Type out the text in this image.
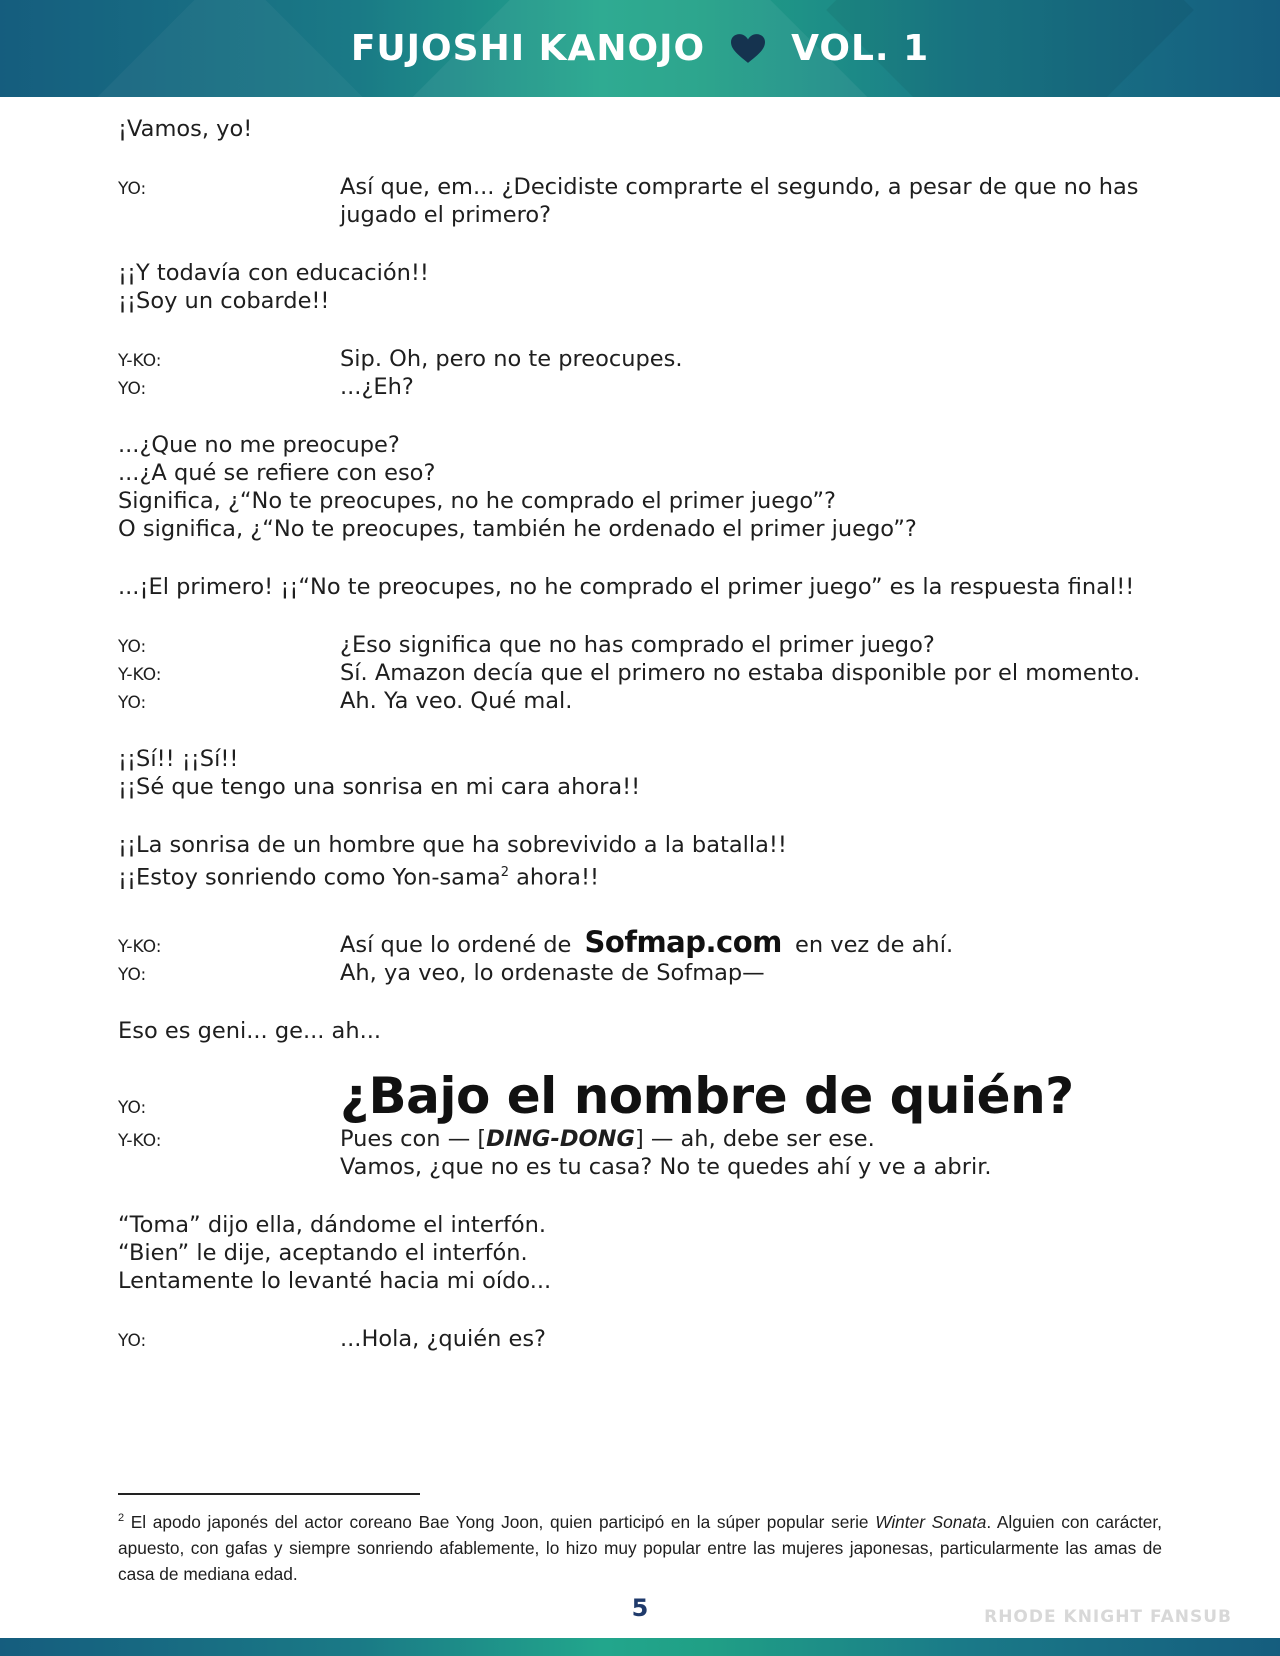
FUJOSHI KANOJO VOL. 1

¡Vamos, yo!

YO:	Así que, em... ¿Decidiste comprarte el segundo, a pesar de que no has jugado el primero?

¡¡Y todavía con educación!!

¡¡Soy un cobarde!!

Y-KO:	Sip. Oh, pero no te preocupes.
YO:	...¿Eh?

...¿Que no me preocupe?

...¿A qué se refiere con eso?

Significa, ¿“No te preocupes, no he comprado el primer juego”?

O significa, ¿“No te preocupes, también he ordenado el primer juego”?

...¡El primero! ¡¡“No te preocupes, no he comprado el primer juego” es la respuesta final!!

YO:	¿Eso significa que no has comprado el primer juego?
Y-KO:	Sí. Amazon decía que el primero no estaba disponible por el momento.
YO:	Ah. Ya veo. Qué mal.

¡¡Sí!! ¡¡Sí!!

¡¡Sé que tengo una sonrisa en mi cara ahora!!

¡¡La sonrisa de un hombre que ha sobrevivido a la batalla!!

¡¡Estoy sonriendo como Yon-sama$^2$ ahora!!

Y-KO:	Así que lo ordené de Sofmap.com en vez de ahí.
YO:	Ah, ya veo, lo ordenaste de Sofmap—

Eso es geni... ge... ah...

YO:	¿Bajo el nombre de quién?
Y-KO:	Pues con — [DING-DONG] — ah, debe ser ese.
Vamos, ¿que no es tu casa? No te quedes ahí y ve a abrir.

“Toma” dijo ella, dándome el interfón.

“Bien” le dije, aceptando el interfón.

Lentamente lo levanté hacia mi oído...

YO:	...Hola, ¿quién es?
$^2$ El apodo japonés del actor coreano Bae Yong Joon, quien participó en la súper popular serie Winter Sonata. Alguien con carácter, apuesto, con gafas y siempre sonriendo afablemente, lo hizo muy popular entre las mujeres japonesas, particularmente las amas de casa de mediana edad.
5	RHODE KNIGHT FANSUB
